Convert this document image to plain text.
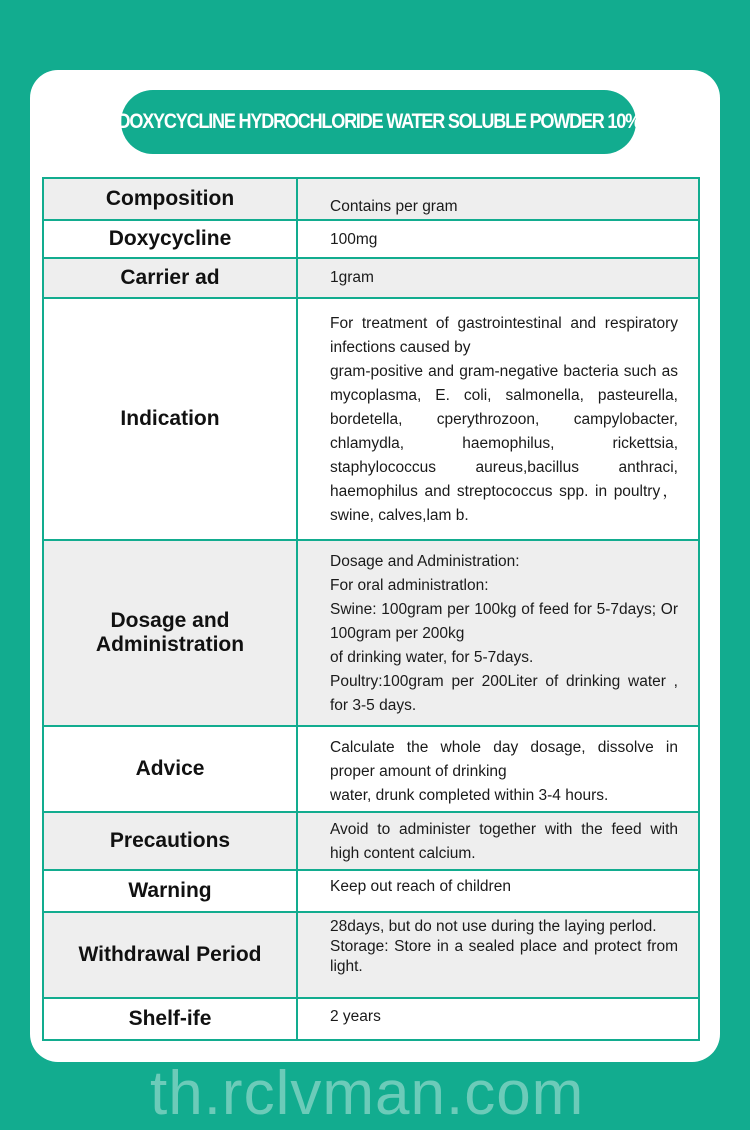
DOXYCYCLINE HYDROCHLORIDE WATER SOLUBLE POWDER 10%
Composition	Contains per gram

Doxycycline	100mg

Carrier ad	1gram

Indication	For treatment of gastrointestinal and respiratory infections caused by
gram-positive and gram-negative bacteria such as mycoplasma, E. coli, salmonella, pasteurella, bordetella, cperythrozoon, campylobacter, chlamydla, haemophilus, rickettsia, staphylococcus aureus,bacillus anthraci, haemophilus and streptococcus spp. in poultry，swine, calves,lam b.

Dosage and Administration	Dosage and Administration:
For oral administratlon:
Swine: 100gram per 100kg of feed for 5-7days; Or 100gram per 200kg
of drinking water, for 5-7days.
Poultry:100gram per 200Liter of drinking water , for 3-5 days.

Advice	Calculate the whole day dosage, dissolve in proper amount of drinking
water, drunk completed within 3-4 hours.

Precautions	Avoid to administer together with the feed with high content calcium.

Warning	Keep out reach of children

Withdrawal Period	28days, but do not use during the laying perlod.
Storage: Store in a sealed place and protect from light.

Shelf-ife	2 years
th.rclvman.com
